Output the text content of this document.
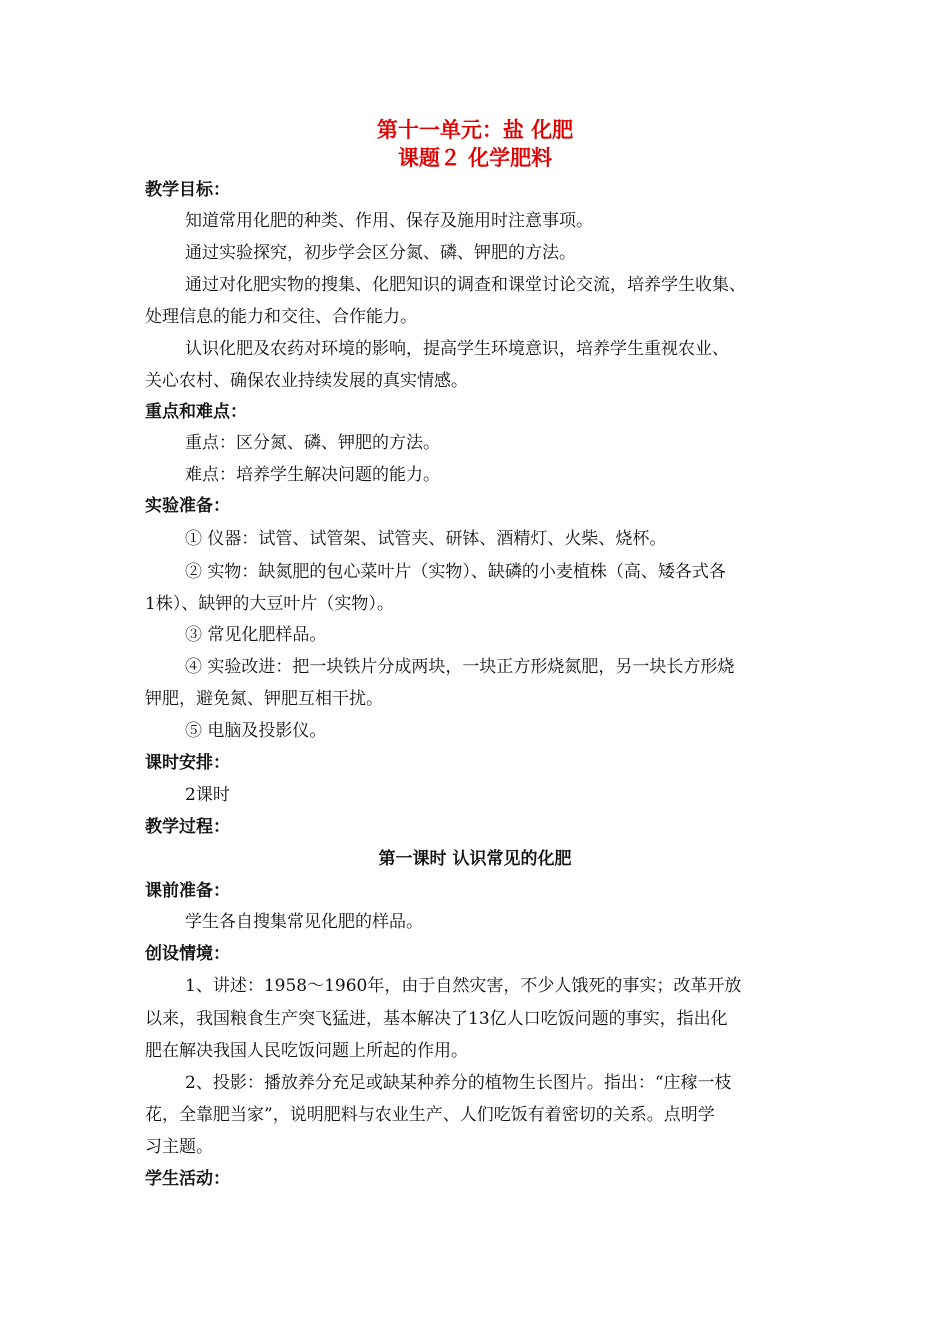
第十一单元：盐 化肥
课题２ 化学肥料
教学目标：
知道常用化肥的种类、作用、保存及施用时注意事项。
通过实验探究，初步学会区分氮、磷、钾肥的方法。
通过对化肥实物的搜集、化肥知识的调查和课堂讨论交流，培养学生收集、
处理信息的能力和交往、合作能力。
认识化肥及农药对环境的影响，提高学生环境意识，培养学生重视农业、
关心农村、确保农业持续发展的真实情感。
重点和难点：
重点：区分氮、磷、钾肥的方法。
难点：培养学生解决问题的能力。
实验准备：
① 仪器：试管、试管架、试管夹、研钵、酒精灯、火柴、烧杯。
② 实物：缺氮肥的包心菜叶片（实物）、缺磷的小麦植株（高、矮各式各
1株）、缺钾的大豆叶片（实物）。
③ 常见化肥样品。
④ 实验改进：把一块铁片分成两块，一块正方形烧氮肥，另一块长方形烧
钾肥，避免氮、钾肥互相干扰。
⑤ 电脑及投影仪。
课时安排：
2课时
教学过程：
第一课时 认识常见的化肥
课前准备：
学生各自搜集常见化肥的样品。
创设情境：
1、讲述：1958～1960年，由于自然灾害，不少人饿死的事实；改革开放
以来，我国粮食生产突飞猛进，基本解决了13亿人口吃饭问题的事实，指出化
肥在解决我国人民吃饭问题上所起的作用。
2、投影：播放养分充足或缺某种养分的植物生长图片。指出：“庄稼一枝
花，全靠肥当家”，说明肥料与农业生产、人们吃饭有着密切的关系。点明学
习主题。
学生活动：
